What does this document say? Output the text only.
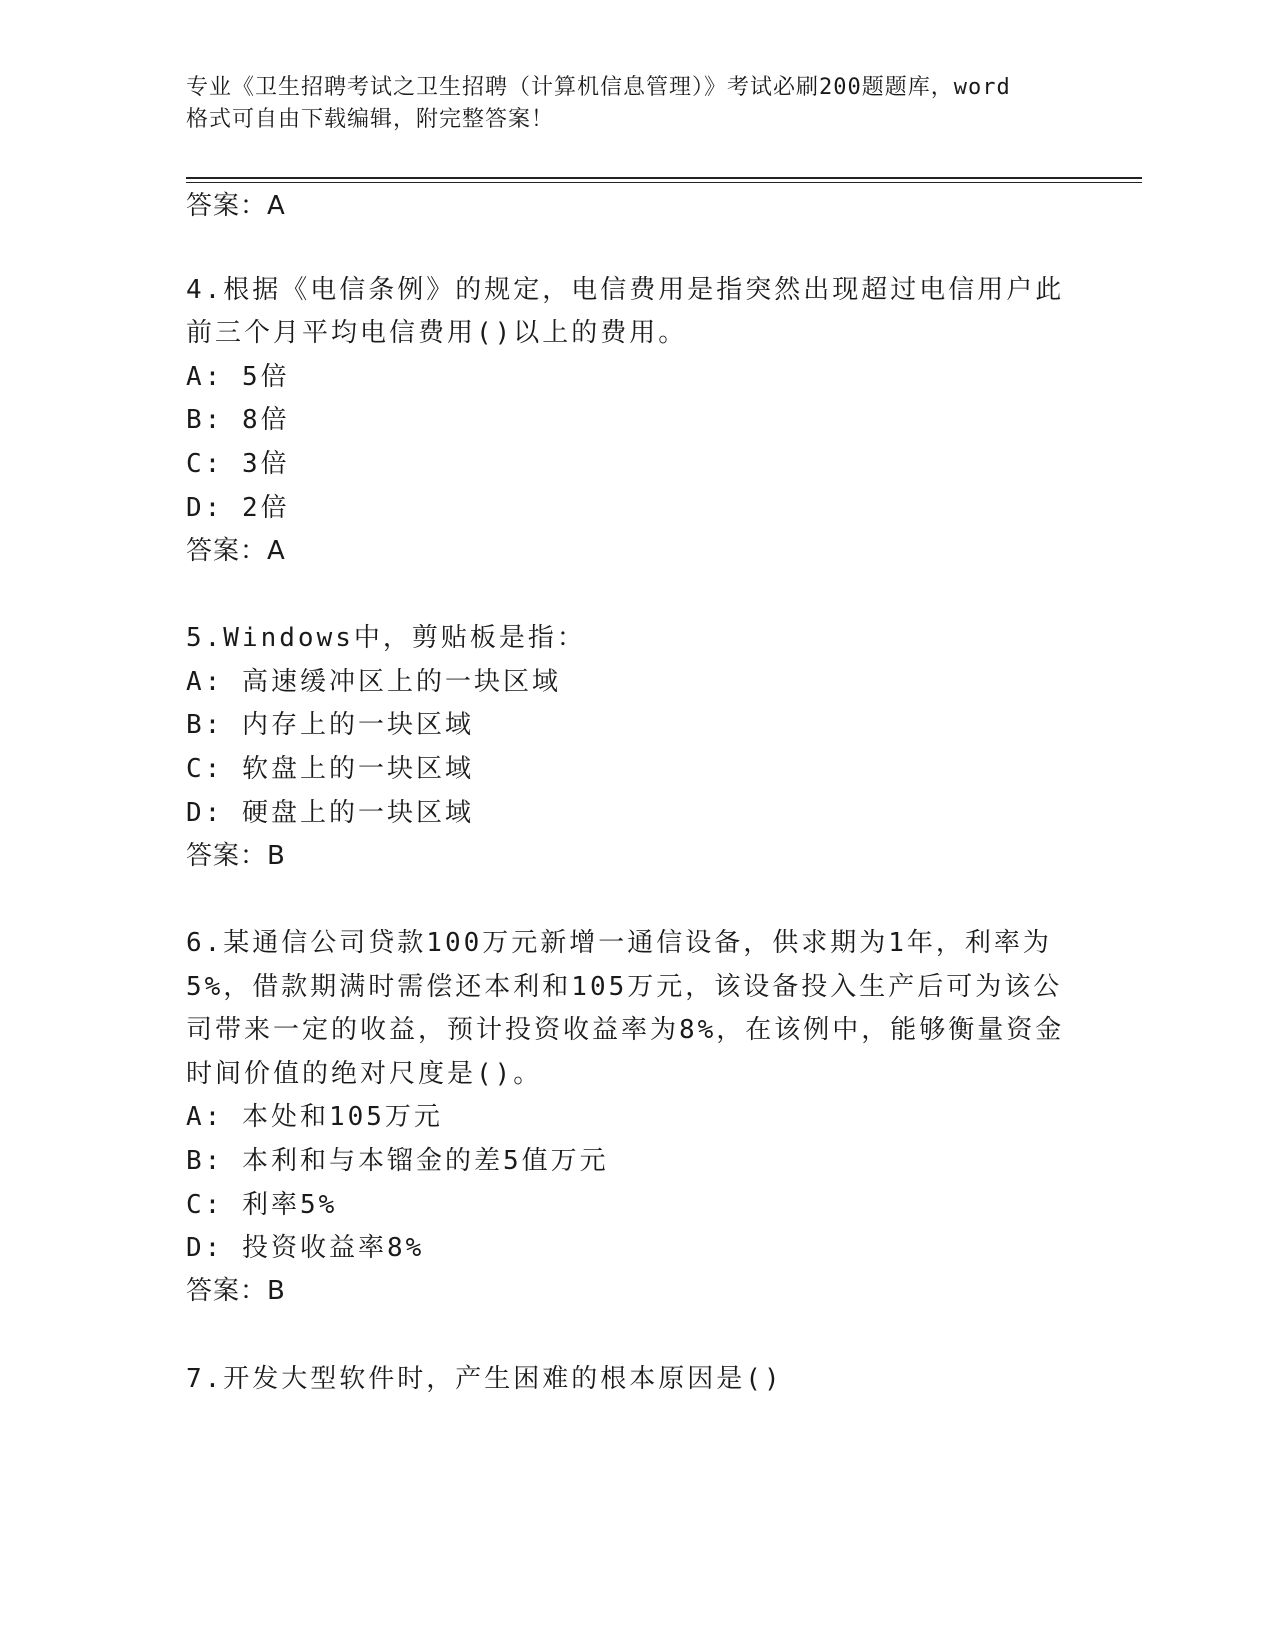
专业《卫生招聘考试之卫生招聘（计算机信息管理）》考试必刷200题题库，word
格式可自由下载编辑，附完整答案！
答案：A
4.根据《电信条例》的规定，电信费用是指突然出现超过电信用户此
前三个月平均电信费用()以上的费用。
A: 5倍
B: 8倍
C: 3倍
D: 2倍
答案：A
5.Windows中，剪贴板是指：
A: 高速缓冲区上的一块区域
B: 内存上的一块区域
C: 软盘上的一块区域
D: 硬盘上的一块区域
答案：B
6.某通信公司贷款100万元新增一通信设备，供求期为1年，利率为
5%，借款期满时需偿还本利和105万元，该设备投入生产后可为该公
司带来一定的收益，预计投资收益率为8%，在该例中，能够衡量资金
时间价值的绝对尺度是()。
A: 本处和105万元
B: 本利和与本镏金的差5值万元
C: 利率5%
D: 投资收益率8%
答案：B
7.开发大型软件时，产生困难的根本原因是()
